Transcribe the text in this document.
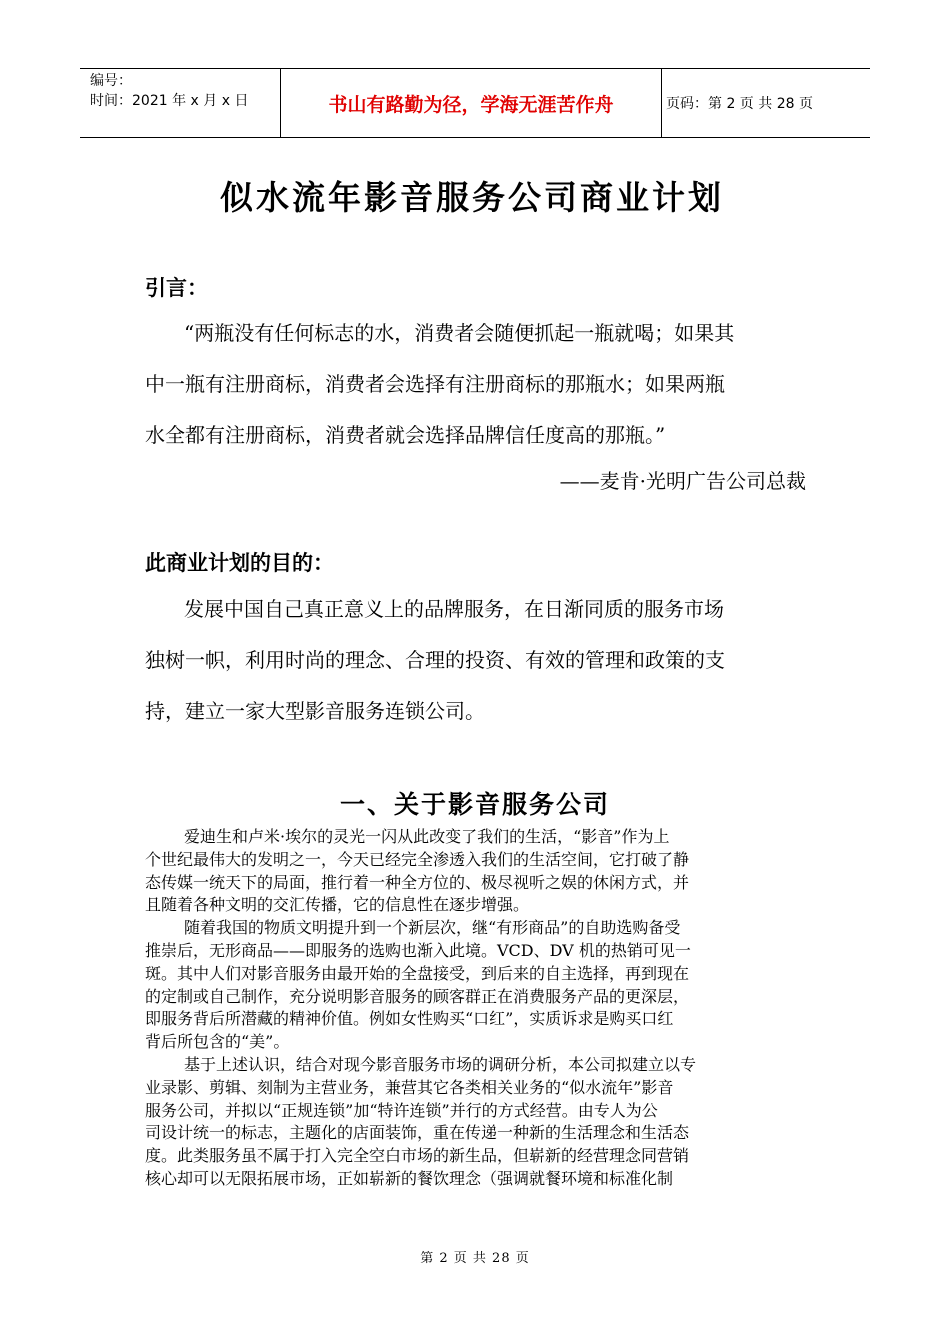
编号：
时间：2021 年 x 月 x 日	书山有路勤为径，学海无涯苦作舟	页码：第 2 页 共 28 页
似水流年影音服务公司商业计划
引言：
“两瓶没有任何标志的水，消费者会随便抓起一瓶就喝；如果其
中一瓶有注册商标，消费者会选择有注册商标的那瓶水；如果两瓶
水全都有注册商标，消费者就会选择品牌信任度高的那瓶。”
——麦肯·光明广告公司总裁
此商业计划的目的：
发展中国自己真正意义上的品牌服务，在日渐同质的服务市场
独树一帜，利用时尚的理念、合理的投资、有效的管理和政策的支
持，建立一家大型影音服务连锁公司。
一、关于影音服务公司
爱迪生和卢米·埃尔的灵光一闪从此改变了我们的生活，“影音”作为上
个世纪最伟大的发明之一，今天已经完全渗透入我们的生活空间，它打破了静
态传媒一统天下的局面，推行着一种全方位的、极尽视听之娱的休闲方式，并
且随着各种文明的交汇传播，它的信息性在逐步增强。
随着我国的物质文明提升到一个新层次，继“有形商品”的自助选购备受
推崇后，无形商品——即服务的选购也渐入此境。VCD、DV 机的热销可见一
斑。其中人们对影音服务由最开始的全盘接受，到后来的自主选择，再到现在
的定制或自己制作，充分说明影音服务的顾客群正在消费服务产品的更深层，
即服务背后所潜藏的精神价值。例如女性购买“口红”，实质诉求是购买口红
背后所包含的“美”。
基于上述认识，结合对现今影音服务市场的调研分析，本公司拟建立以专
业录影、剪辑、刻制为主营业务，兼营其它各类相关业务的“似水流年”影音
服务公司，并拟以“正规连锁”加“特许连锁”并行的方式经营。由专人为公
司设计统一的标志，主题化的店面装饰，重在传递一种新的生活理念和生活态
度。此类服务虽不属于打入完全空白市场的新生品，但崭新的经营理念同营销
核心却可以无限拓展市场，正如崭新的餐饮理念（强调就餐环境和标准化制
第 2 页 共 28 页
